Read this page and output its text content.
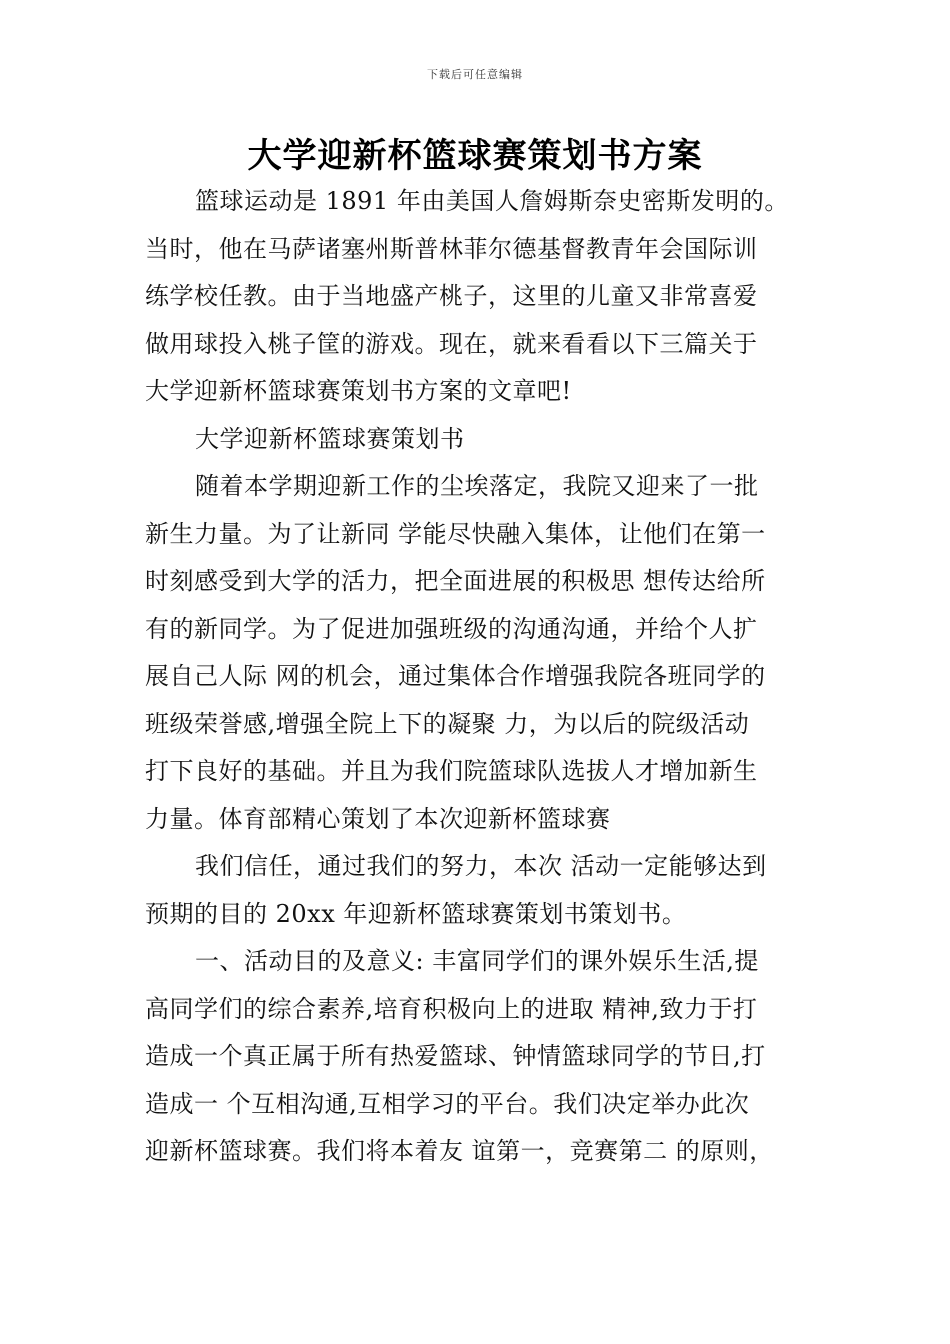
下载后可任意编辑
大学迎新杯篮球赛策划书方案
篮球运动是 1891 年由美国人詹姆斯奈史密斯发明的。
当时，他在马萨诸塞州斯普林菲尔德基督教青年会国际训
练学校任教。由于当地盛产桃子，这里的儿童又非常喜爱
做用球投入桃子筐的游戏。现在，就来看看以下三篇关于
大学迎新杯篮球赛策划书方案的文章吧!
大学迎新杯篮球赛策划书
随着本学期迎新工作的尘埃落定，我院又迎来了一批
新生力量。为了让新同 学能尽快融入集体，让他们在第一
时刻感受到大学的活力，把全面进展的积极思 想传达给所
有的新同学。为了促进加强班级的沟通沟通，并给个人扩
展自己人际 网的机会，通过集体合作增强我院各班同学的
班级荣誉感,增强全院上下的凝聚 力，为以后的院级活动
打下良好的基础。并且为我们院篮球队选拔人才增加新生
力量。体育部精心策划了本次迎新杯篮球赛
我们信任，通过我们的努力，本次 活动一定能够达到
预期的目的 20xx 年迎新杯篮球赛策划书策划书。
一、活动目的及意义: 丰富同学们的课外娱乐生活,提
高同学们的综合素养,培育积极向上的进取 精神,致力于打
造成一个真正属于所有热爱篮球、钟情篮球同学的节日,打
造成一 个互相沟通,互相学习的平台。我们决定举办此次
迎新杯篮球赛。我们将本着友 谊第一，竞赛第二 的原则，
